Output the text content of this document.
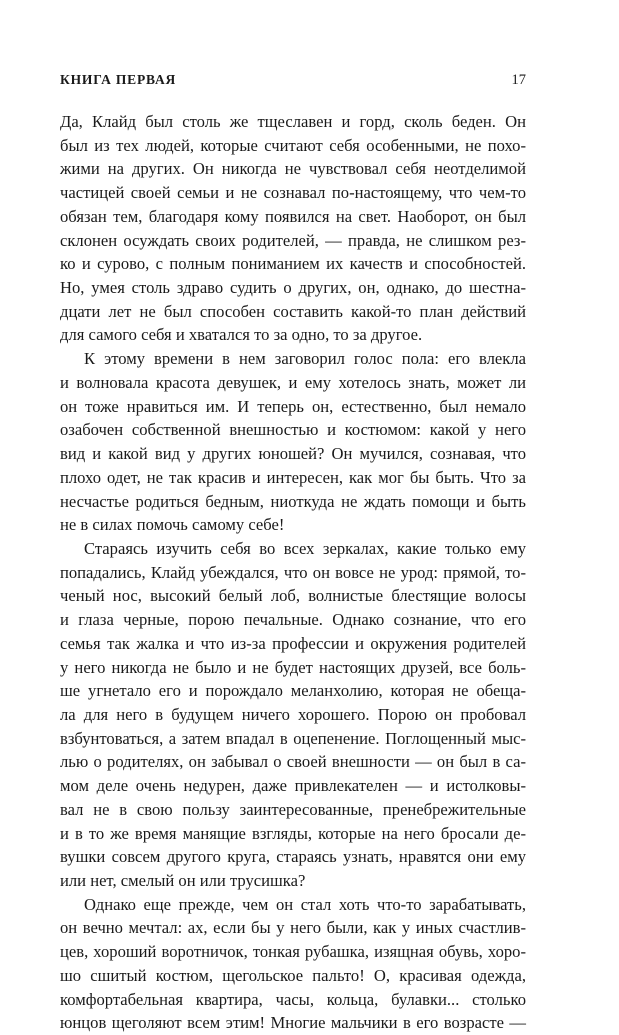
КНИГА ПЕРВАЯ	17
Да, Клайд был столь же тщеславен и горд, сколь беден. Он
был из тех людей, которые считают себя особенными, не похо-
жими на других. Он никогда не чувствовал себя неотделимой
частицей своей семьи и не сознавал по-настоящему, что чем-то
обязан тем, благодаря кому появился на свет. Наоборот, он был
склонен осуждать своих родителей, — правда, не слишком рез-
ко и сурово, с полным пониманием их качеств и способностей.
Но, умея столь здраво судить о других, он, однако, до шестна-
дцати лет не был способен составить какой-то план действий
для самого себя и хватался то за одно, то за другое.
К этому времени в нем заговорил голос пола: его влекла
и волновала красота девушек, и ему хотелось знать, может ли
он тоже нравиться им. И теперь он, естественно, был немало
озабочен собственной внешностью и костюмом: какой у него
вид и какой вид у других юношей? Он мучился, сознавая, что
плохо одет, не так красив и интересен, как мог бы быть. Что за
несчастье родиться бедным, ниоткуда не ждать помощи и быть
не в силах помочь самому себе!
Стараясь изучить себя во всех зеркалах, какие только ему
попадались, Клайд убеждался, что он вовсе не урод: прямой, то-
ченый нос, высокий белый лоб, волнистые блестящие волосы
и глаза черные, порою печальные. Однако сознание, что его
семья так жалка и что из-за профессии и окружения родителей
у него никогда не было и не будет настоящих друзей, все боль-
ше угнетало его и порождало меланхолию, которая не обеща-
ла для него в будущем ничего хорошего. Порою он пробовал
взбунтоваться, а затем впадал в оцепенение. Поглощенный мыс-
лью о родителях, он забывал о своей внешности — он был в са-
мом деле очень недурен, даже привлекателен — и истолковы-
вал не в свою пользу заинтересованные, пренебрежительные
и в то же время манящие взгляды, которые на него бросали де-
вушки совсем другого круга, стараясь узнать, нравятся они ему
или нет, смелый он или трусишка?
Однако еще прежде, чем он стал хоть что-то зарабатывать,
он вечно мечтал: ах, если бы у него были, как у иных счастлив-
цев, хороший воротничок, тонкая рубашка, изящная обувь, хоро-
шо сшитый костюм, щегольское пальто! О, красивая одежда,
комфортабельная квартира, часы, кольца, булавки... столько
юнцов щеголяют всем этим! Многие мальчики в его возрасте —
